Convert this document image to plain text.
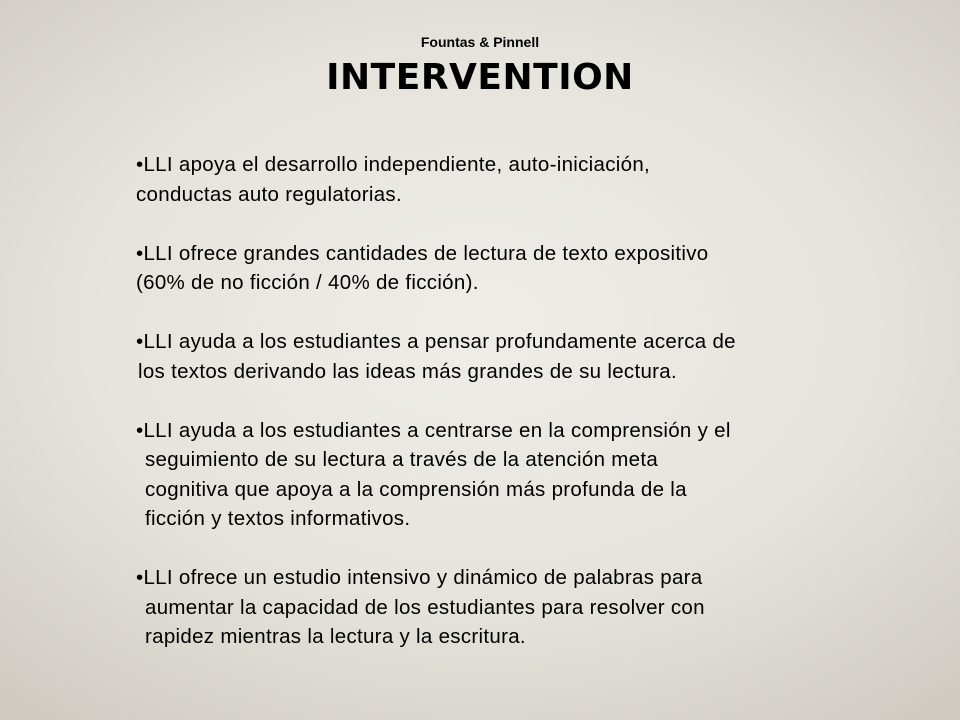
Fountas & Pinnell
INTERVENTION
•LLI apoya el desarrollo independiente, auto-iniciación,
conductas auto regulatorias.
•LLI ofrece grandes cantidades de lectura de texto expositivo
(60% de no ficción / 40% de ficción).
•LLI ayuda a los estudiantes a pensar profundamente acerca de
los textos derivando las ideas más grandes de su lectura.
•LLI ayuda a los estudiantes a centrarse en la comprensión y el
seguimiento de su lectura a través de la atención meta
cognitiva que apoya a la comprensión más profunda de la
ficción y textos informativos.
•LLI ofrece un estudio intensivo y dinámico de palabras para
aumentar la capacidad de los estudiantes para resolver con
rapidez mientras la lectura y la escritura.
